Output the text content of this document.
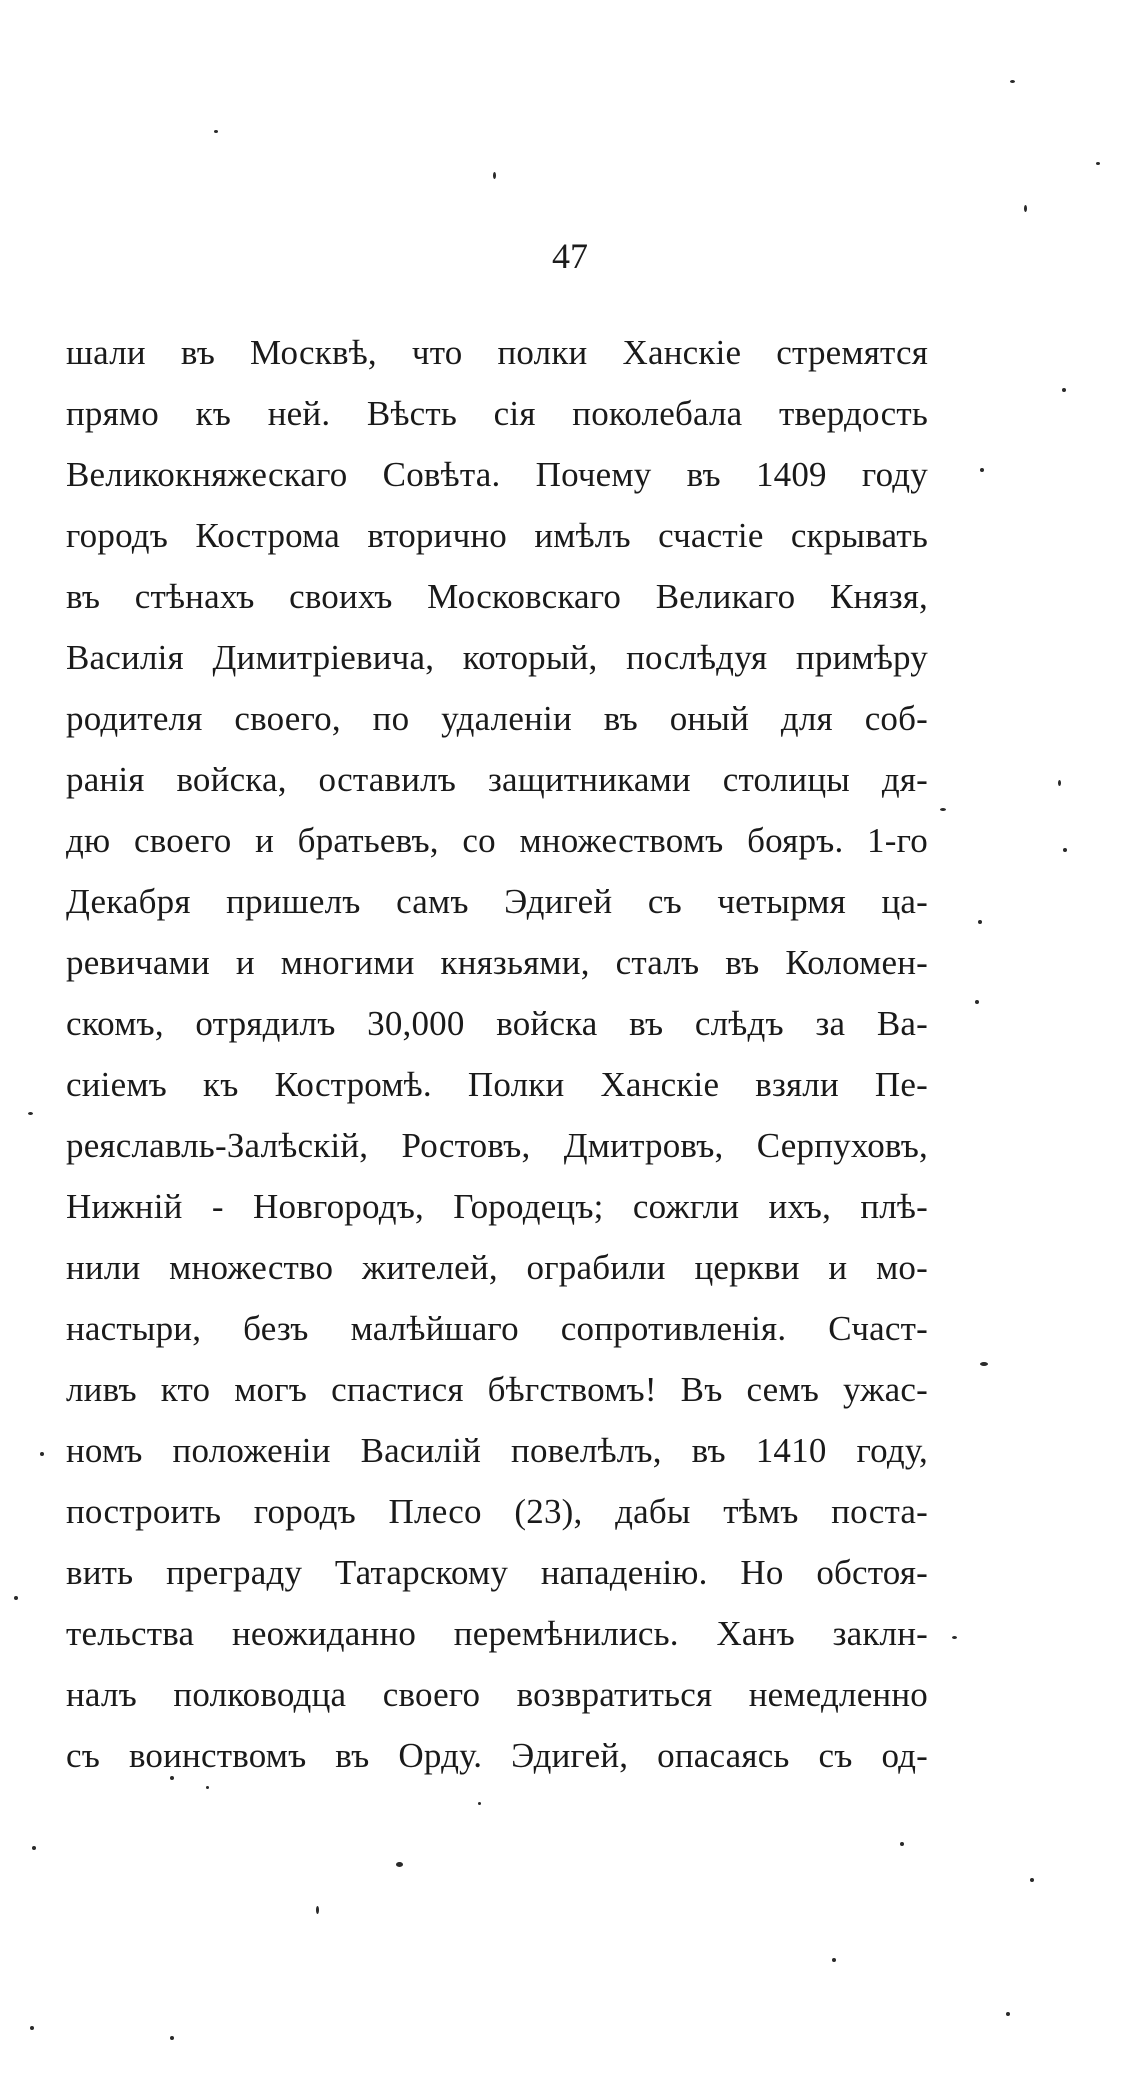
47
шали въ Москвѣ, что полки Ханскіе стремятся
прямо къ ней. Вѣсть сія поколебала твердость
Великокняжескаго Совѣта. Почему въ 1409 году
городъ Кострома вторично имѣлъ счастіе скрывать
въ стѣнахъ своихъ Московскаго Великаго Князя,
Василія Димитріевича, который, послѣдуя примѣру
родителя своего, по удаленіи въ оный для соб-
ранія войска, оставилъ защитниками столицы дя-
дю своего и братьевъ, со множествомъ бояръ. 1-го
Декабря пришелъ самъ Эдигей съ четырмя ца-
ревичами и многими князьями, сталъ въ Коломен-
скомъ, отрядилъ 30,000 войска въ слѣдъ за Ва-
сиіемъ къ Костромѣ. Полки Ханскіе взяли Пе-
реяславль-Залѣскій, Ростовъ, Дмитровъ, Серпуховъ,
Нижній - Новгородъ, Городецъ; сожгли ихъ, плѣ-
нили множество жителей, ограбили церкви и мо-
настыри, безъ малѣйшаго сопротивленія. Счаст-
ливъ кто могъ спастися бѣгствомъ! Въ семъ ужас-
номъ положеніи Василій повелѣлъ, въ 1410 году,
построить городъ Плесо (23), дабы тѣмъ поста-
вить преграду Татарскому нападенію. Но обстоя-
тельства неожиданно перемѣнились. Ханъ заклн-
налъ полководца своего возвратиться немедленно
съ воинствомъ въ Орду. Эдигей, опасаясь съ од-
